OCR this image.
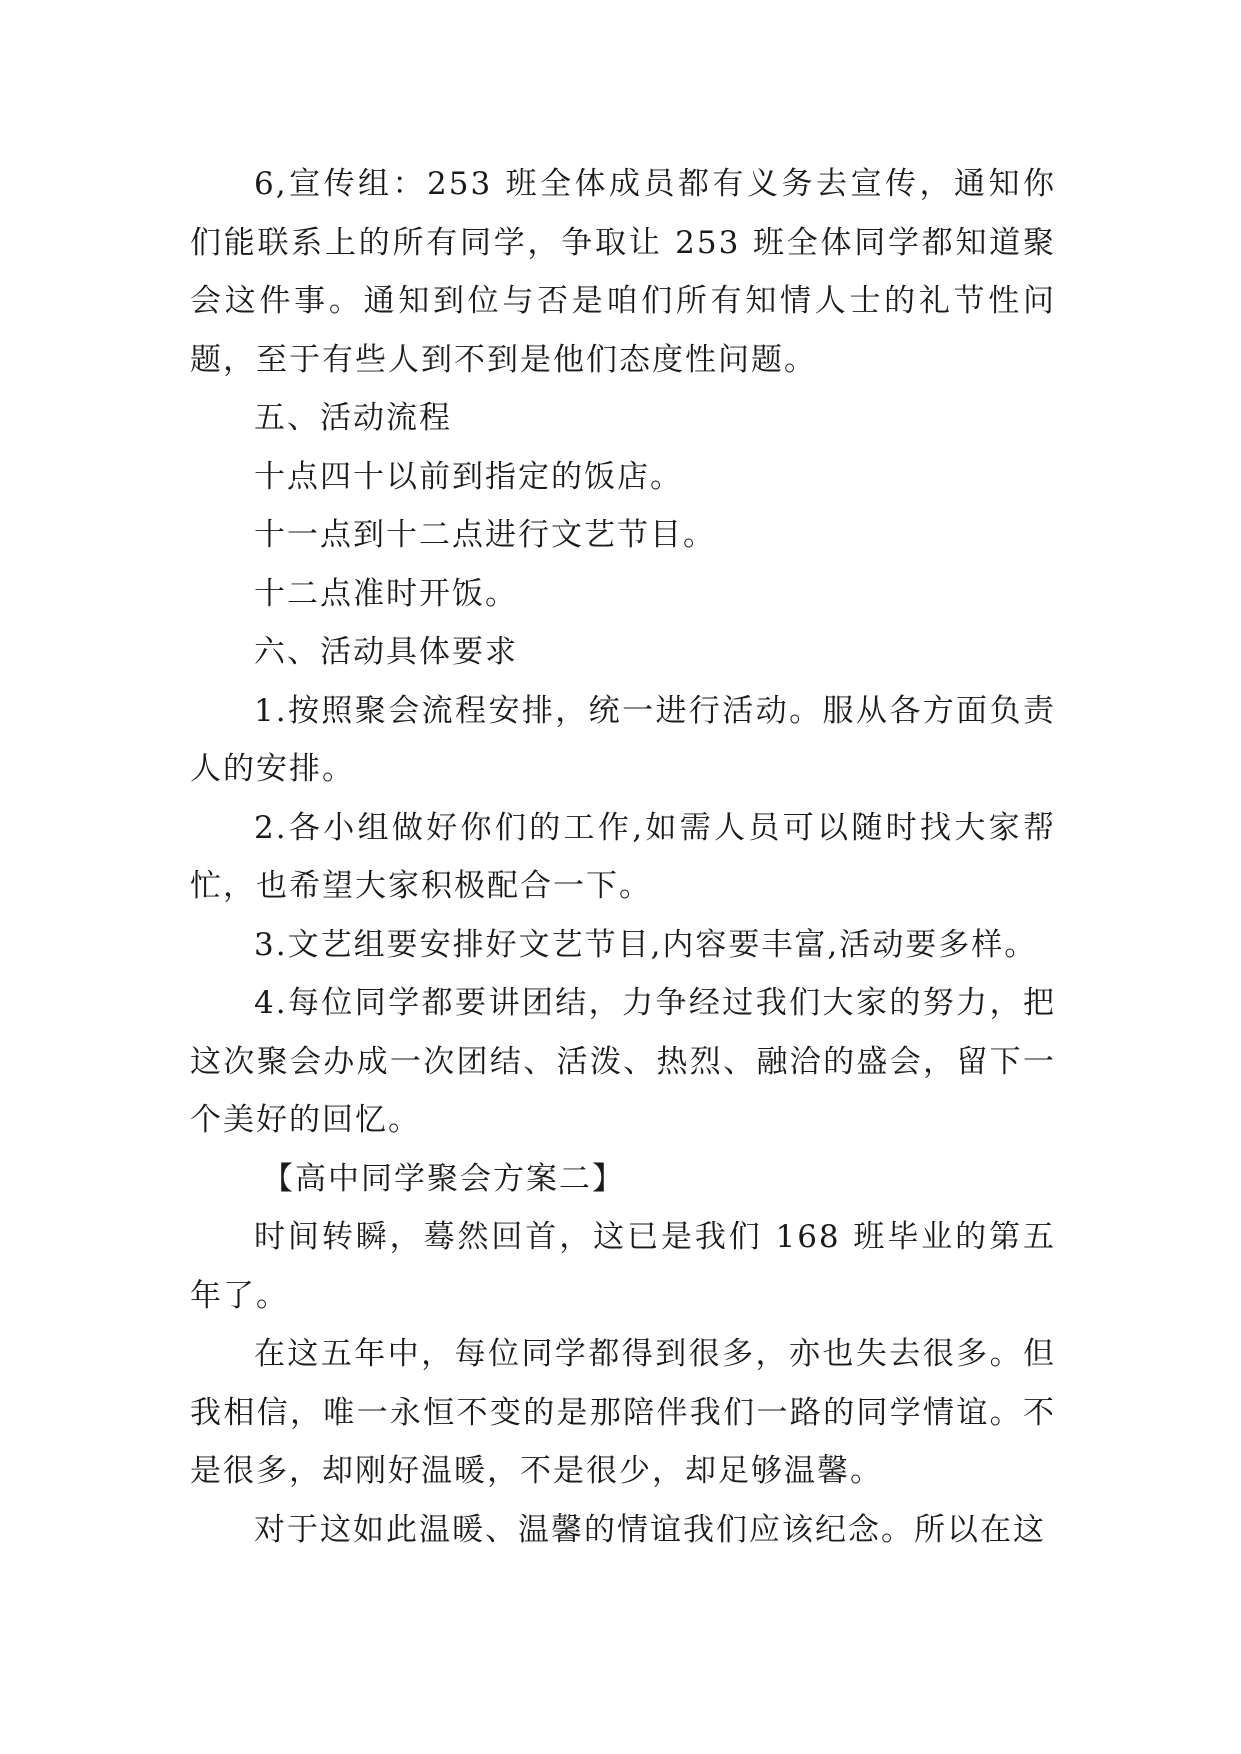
6,宣传组：253 班全体成员都有义务去宣传，通知你们能联系上的所有同学，争取让 253 班全体同学都知道聚会这件事。通知到位与否是咱们所有知情人士的礼节性问题，至于有些人到不到是他们态度性问题。

五、活动流程

十点四十以前到指定的饭店。

十一点到十二点进行文艺节目。

十二点准时开饭。

六、活动具体要求

1.按照聚会流程安排，统一进行活动。服从各方面负责人的安排。

2.各小组做好你们的工作,如需人员可以随时找大家帮忙，也希望大家积极配合一下。

3.文艺组要安排好文艺节目,内容要丰富,活动要多样。

4.每位同学都要讲团结，力争经过我们大家的努力，把这次聚会办成一次团结、活泼、热烈、融洽的盛会，留下一个美好的回忆。

【高中同学聚会方案二】

时间转瞬，蓦然回首，这已是我们 168 班毕业的第五年了。

在这五年中，每位同学都得到很多，亦也失去很多。但我相信，唯一永恒不变的是那陪伴我们一路的同学情谊。不是很多，却刚好温暖，不是很少，却足够温馨。

对于这如此温暖、温馨的情谊我们应该纪念。所以在这
